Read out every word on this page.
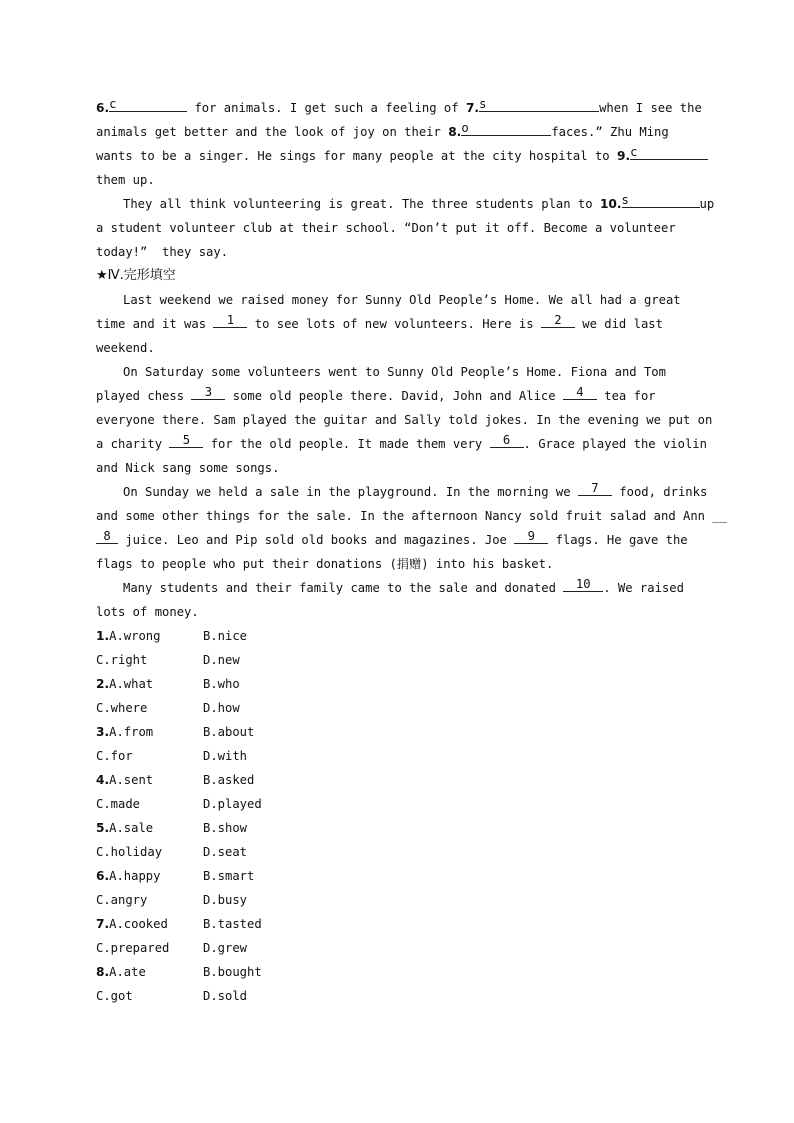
6.c	for animals. I get such a feeling of 7.s	when I see the
animals get better and the look of joy on their 8.o	faces.” Zhu Ming
wants to be a singer. He sings for many people at the city hospital to 9.c
them up.
They all think volunteering is great. The three students plan to 10.s	up
a student volunteer club at their school. “Don’t put it off. Become a volunteer
today!”  they say.
★Ⅳ.完形填空
Last weekend we raised money for Sunny Old People’s Home. We all had a great
time and it was 1 to see lots of new volunteers. Here is 2 we did last
weekend.
On Saturday some volunteers went to Sunny Old People’s Home. Fiona and Tom
played chess 3 some old people there. David, John and Alice 4 tea for
everyone there. Sam played the guitar and Sally told jokes. In the evening we put on
a charity 5 for the old people. It made them very 6 . Grace played the violin
and Nick sang some songs.
On Sunday we held a sale in the playground. In the morning we 7 food, drinks
and some other things for the sale. In the afternoon Nancy sold fruit salad and Ann __
8 juice. Leo and Pip sold old books and magazines. Joe 9 flags. He gave the
flags to people who put their donations (捐赠) into his basket.
Many students and their family came to the sale and donated 10 . We raised
lots of money.
1.A.wrong	B.nice
C.right	D.new
2.A.what	B.who
C.where	D.how
3.A.from	B.about
C.for	D.with
4.A.sent	B.asked
C.made	D.played
5.A.sale	B.show
C.holiday	D.seat
6.A.happy	B.smart
C.angry	D.busy
7.A.cooked	B.tasted
C.prepared	D.grew
8.A.ate	B.bought
C.got	D.sold
